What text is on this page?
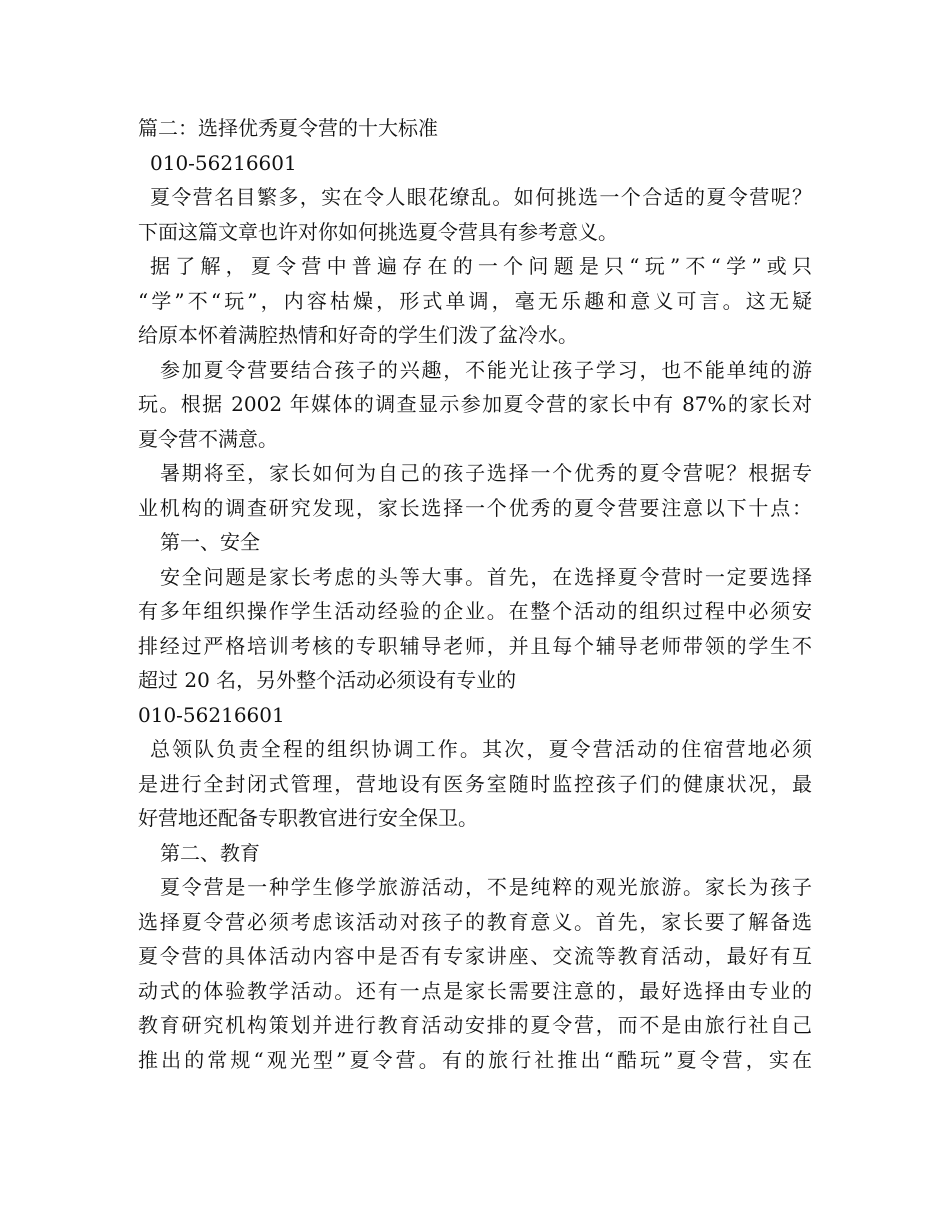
篇二：选择优秀夏令营的十大标准
010-56216601
夏令营名目繁多，实在令人眼花缭乱。如何挑选一个合适的夏令营呢？
下面这篇文章也许对你如何挑选夏令营具有参考意义。
据了解，夏令营中普遍存在的一个问题是只“玩”不“学”或只
“学”不“玩”，内容枯燥，形式单调，毫无乐趣和意义可言。这无疑
给原本怀着满腔热情和好奇的学生们泼了盆冷水。
参加夏令营要结合孩子的兴趣，不能光让孩子学习，也不能单纯的游
玩。根据 2002 年媒体的调查显示参加夏令营的家长中有 87%的家长对
夏令营不满意。
暑期将至，家长如何为自己的孩子选择一个优秀的夏令营呢？根据专
业机构的调查研究发现，家长选择一个优秀的夏令营要注意以下十点：
第一、安全
安全问题是家长考虑的头等大事。首先，在选择夏令营时一定要选择
有多年组织操作学生活动经验的企业。在整个活动的组织过程中必须安
排经过严格培训考核的专职辅导老师，并且每个辅导老师带领的学生不
超过 20 名，另外整个活动必须设有专业的
010-56216601
总领队负责全程的组织协调工作。其次，夏令营活动的住宿营地必须
是进行全封闭式管理，营地设有医务室随时监控孩子们的健康状况，最
好营地还配备专职教官进行安全保卫。
第二、教育
夏令营是一种学生修学旅游活动，不是纯粹的观光旅游。家长为孩子
选择夏令营必须考虑该活动对孩子的教育意义。首先，家长要了解备选
夏令营的具体活动内容中是否有专家讲座、交流等教育活动，最好有互
动式的体验教学活动。还有一点是家长需要注意的，最好选择由专业的
教育研究机构策划并进行教育活动安排的夏令营，而不是由旅行社自己
推出的常规“观光型”夏令营。有的旅行社推出“酷玩”夏令营，实在
